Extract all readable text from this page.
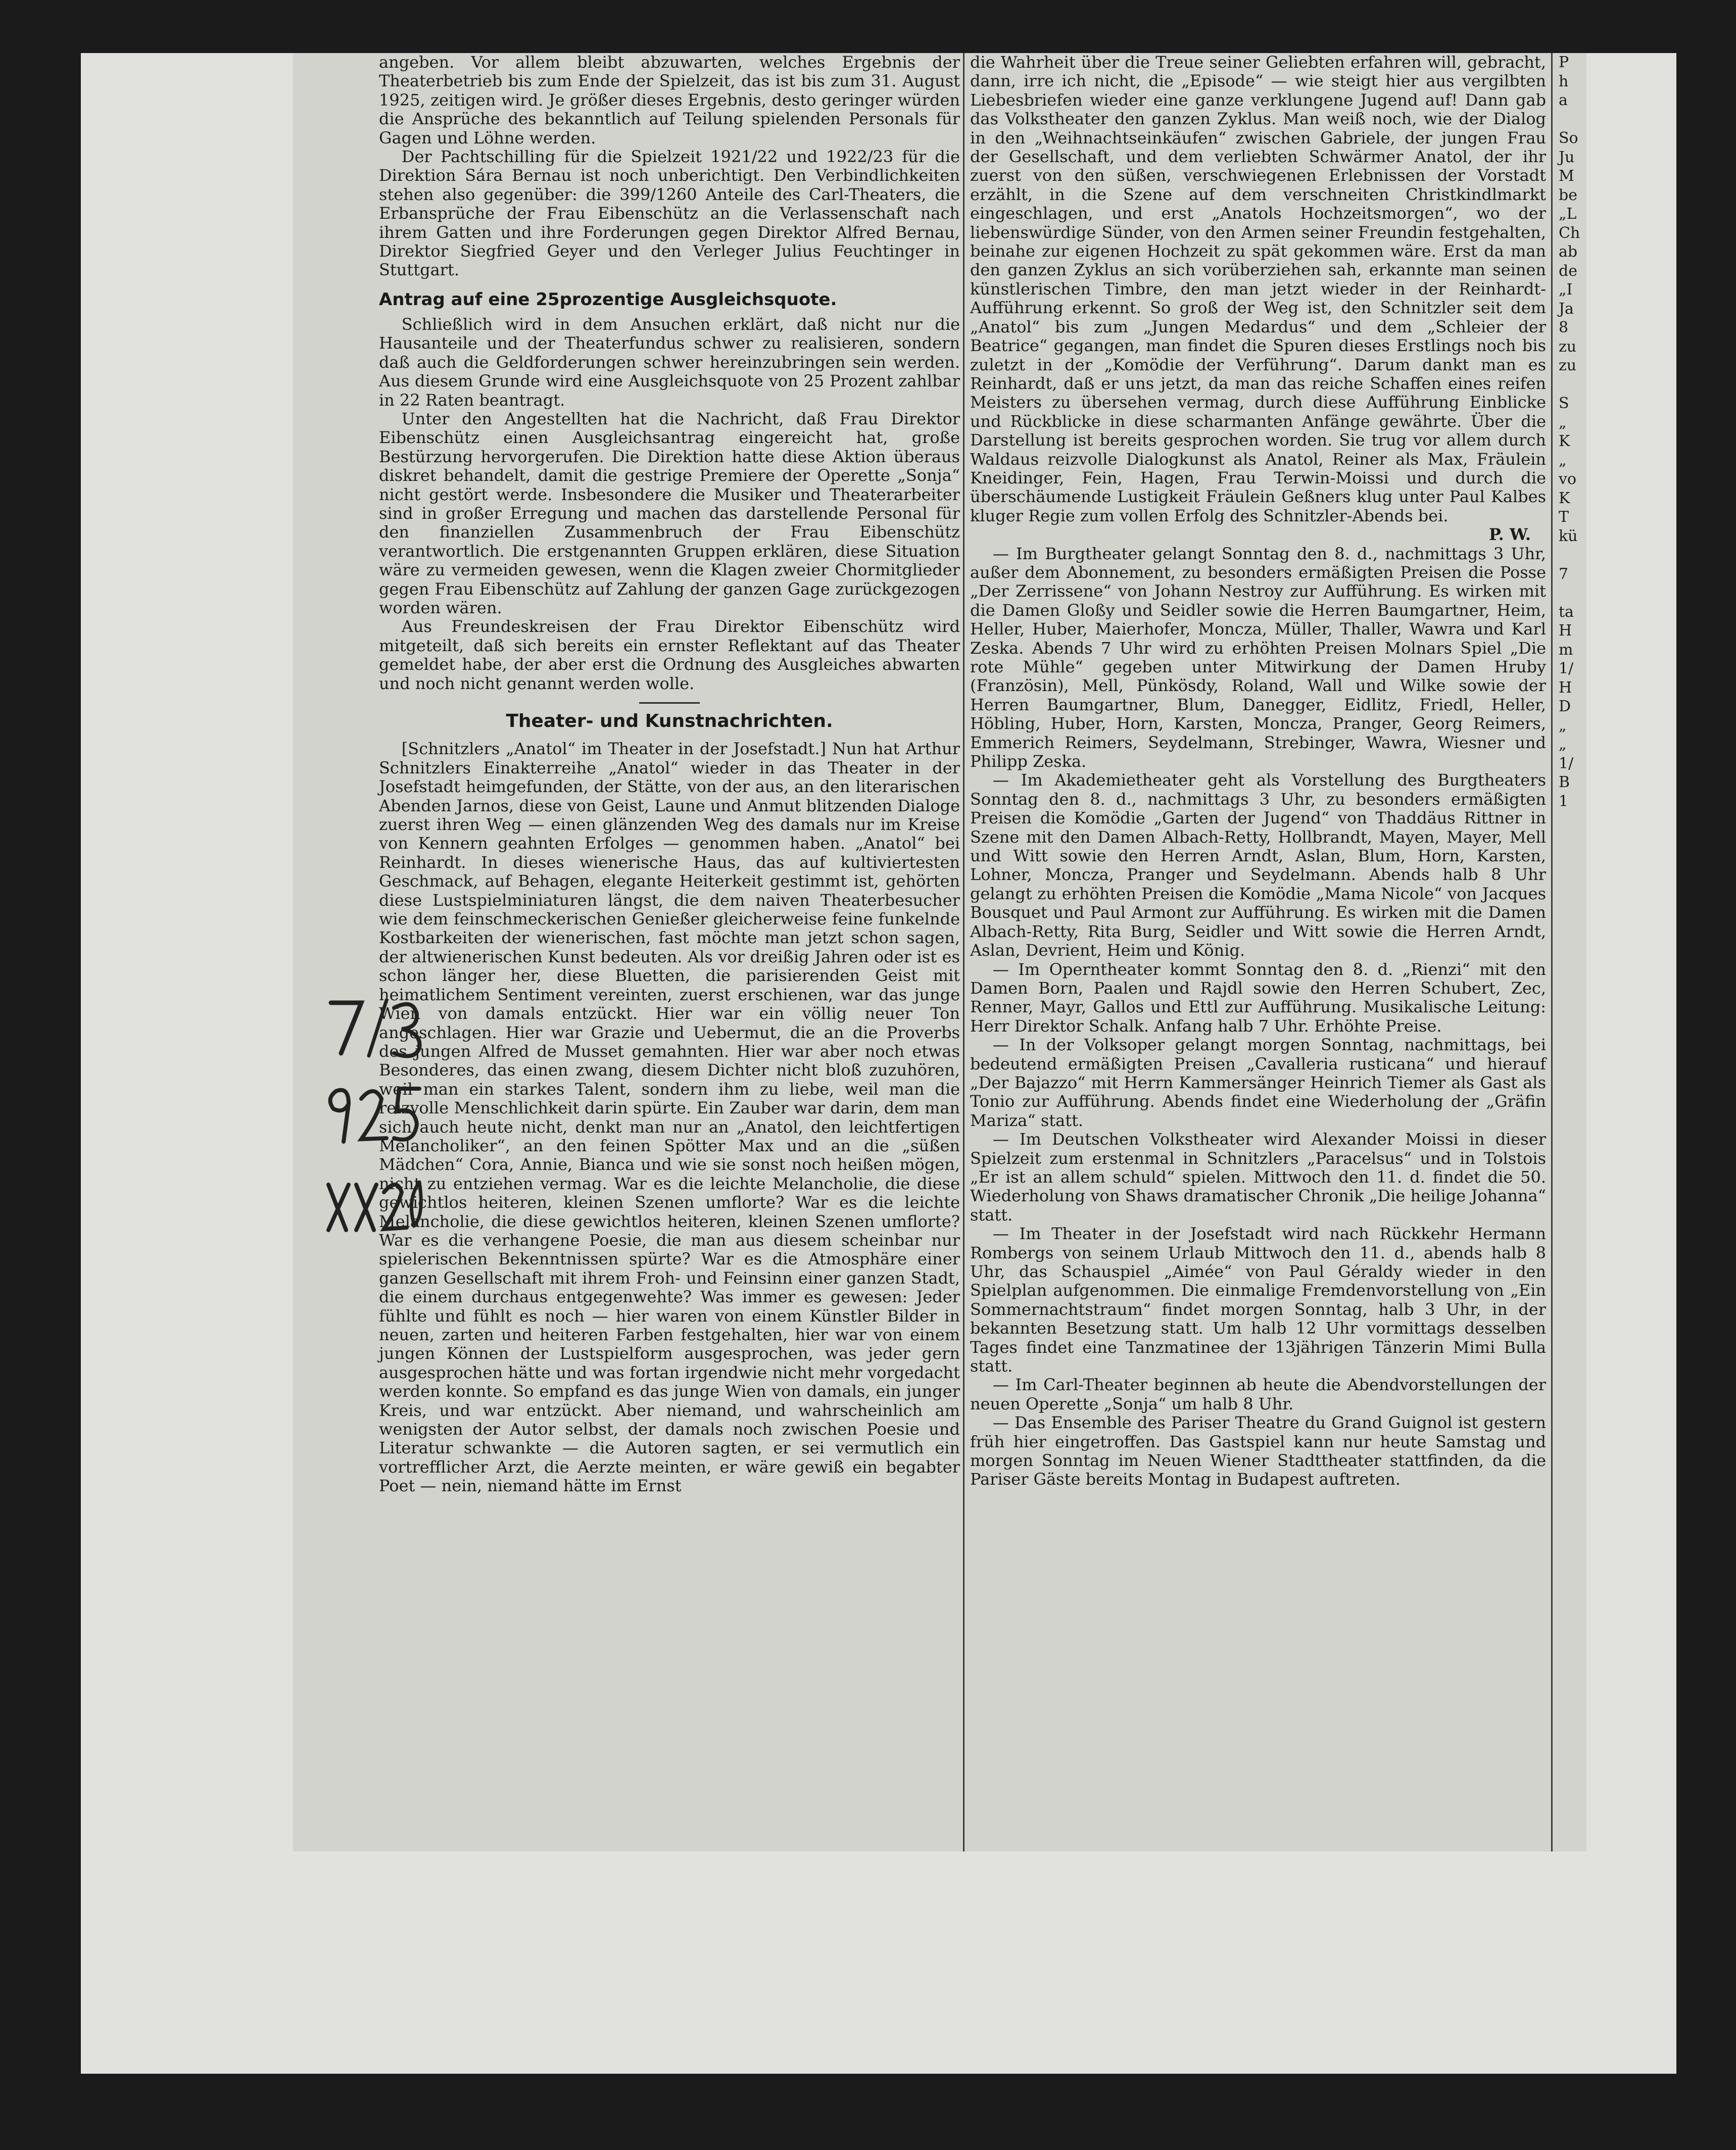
angeben. Vor allem bleibt abzuwarten, welches Ergebnis der Theaterbetrieb bis zum Ende der Spielzeit, das ist bis zum 31. August 1925, zeitigen wird. Je größer dieses Ergebnis, desto geringer würden die Ansprüche des bekanntlich auf Teilung spielenden Personals für Gagen und Löhne werden.

Der Pachtschilling für die Spielzeit 1921/22 und 1922/23 für die Direktion Sára Bernau ist noch unberichtigt. Den Verbindlichkeiten stehen also gegenüber: die 399/1260 Anteile des Carl-Theaters, die Erbansprüche der Frau Eibenschütz an die Verlassenschaft nach ihrem Gatten und ihre Forderungen gegen Direktor Alfred Bernau, Direktor Siegfried Geyer und den Verleger Julius Feuchtinger in Stuttgart.

Antrag auf eine 25prozentige Ausgleichsquote.

Schließlich wird in dem Ansuchen erklärt, daß nicht nur die Hausanteile und der Theaterfundus schwer zu realisieren, sondern daß auch die Geldforderungen schwer hereinzubringen sein werden. Aus diesem Grunde wird eine Ausgleichsquote von 25 Prozent zahlbar in 22 Raten beantragt.

Unter den Angestellten hat die Nachricht, daß Frau Direktor Eibenschütz einen Ausgleichsantrag eingereicht hat, große Bestürzung hervorgerufen. Die Direktion hatte diese Aktion überaus diskret behandelt, damit die gestrige Premiere der Operette „Sonja“ nicht gestört werde. Insbesondere die Musiker und Theaterarbeiter sind in großer Erregung und machen das darstellende Personal für den finanziellen Zusammenbruch der Frau Eibenschütz verantwortlich. Die erstgenannten Gruppen erklären, diese Situation wäre zu vermeiden gewesen, wenn die Klagen zweier Chormitglieder gegen Frau Eibenschütz auf Zahlung der ganzen Gage zurückgezogen worden wären.

Aus Freundeskreisen der Frau Direktor Eibenschütz wird mitgeteilt, daß sich bereits ein ernster Reflektant auf das Theater gemeldet habe, der aber erst die Ordnung des Ausgleiches abwarten und noch nicht genannt werden wolle.

Theater- und Kunstnachrichten.

[Schnitzlers „Anatol“ im Theater in der Josefstadt.] Nun hat Arthur Schnitzlers Einakterreihe „Anatol“ wieder in das Theater in der Josefstadt heimgefunden, der Stätte, von der aus, an den literarischen Abenden Jarnos, diese von Geist, Laune und Anmut blitzenden Dialoge zuerst ihren Weg — einen glänzenden Weg des damals nur im Kreise von Kennern geahnten Erfolges — genommen haben. „Anatol“ bei Reinhardt. In dieses wienerische Haus, das auf kultiviertesten Geschmack, auf Behagen, elegante Heiterkeit gestimmt ist, gehörten diese Lustspielminiaturen längst, die dem naiven Theaterbesucher wie dem feinschmeckerischen Genießer gleicherweise feine funkelnde Kostbarkeiten der wienerischen, fast möchte man jetzt schon sagen, der altwienerischen Kunst bedeuten. Als vor dreißig Jahren oder ist es schon länger her, diese Bluetten, die parisierenden Geist mit heimatlichem Sentiment vereinten, zuerst erschienen, war das junge Wien von damals entzückt. Hier war ein völlig neuer Ton angeschlagen. Hier war Grazie und Uebermut, die an die Proverbs des jungen Alfred de Musset gemahnten. Hier war aber noch etwas Besonderes, das einen zwang, diesem Dichter nicht bloß zuzuhören, weil man ein starkes Talent, sondern ihm zu liebe, weil man die reizvolle Menschlichkeit darin spürte. Ein Zauber war darin, dem man sich auch heute nicht, denkt man nur an „Anatol, den leichtfertigen Melancholiker“, an den feinen Spötter Max und an die „süßen Mädchen“ Cora, Annie, Bianca und wie sie sonst noch heißen mögen, nicht zu entziehen vermag. War es die leichte Melancholie, die diese gewichtlos heiteren, kleinen Szenen umflorte? War es die leichte Melancholie, die diese gewichtlos heiteren, kleinen Szenen umflorte? War es die verhangene Poesie, die man aus diesem scheinbar nur spielerischen Bekenntnissen spürte? War es die Atmosphäre einer ganzen Gesellschaft mit ihrem Froh- und Feinsinn einer ganzen Stadt, die einem durchaus entgegenwehte? Was immer es gewesen: Jeder fühlte und fühlt es noch — hier waren von einem Künstler Bilder in neuen, zarten und heiteren Farben festgehalten, hier war von einem jungen Können der Lustspielform ausgesprochen, was jeder gern ausgesprochen hätte und was fortan irgendwie nicht mehr vorgedacht werden konnte. So empfand es das junge Wien von damals, ein junger Kreis, und war entzückt. Aber niemand, und wahrscheinlich am wenigsten der Autor selbst, der damals noch zwischen Poesie und Literatur schwankte — die Autoren sagten, er sei vermutlich ein vortrefflicher Arzt, die Aerzte meinten, er wäre gewiß ein begabter Poet — nein, niemand hätte im Ernst

die Wahrheit über die Treue seiner Geliebten erfahren will, gebracht, dann, irre ich nicht, die „Episode“ — wie steigt hier aus vergilbten Liebesbriefen wieder eine ganze verklungene Jugend auf! Dann gab das Volkstheater den ganzen Zyklus. Man weiß noch, wie der Dialog in den „Weihnachtseinkäufen“ zwischen Gabriele, der jungen Frau der Gesellschaft, und dem verliebten Schwärmer Anatol, der ihr zuerst von den süßen, verschwiegenen Erlebnissen der Vorstadt erzählt, in die Szene auf dem verschneiten Christkindlmarkt eingeschlagen, und erst „Anatols Hochzeitsmorgen“, wo der liebenswürdige Sünder, von den Armen seiner Freundin festgehalten, beinahe zur eigenen Hochzeit zu spät gekommen wäre. Erst da man den ganzen Zyklus an sich vorüberziehen sah, erkannte man seinen künstlerischen Timbre, den man jetzt wieder in der Reinhardt-Aufführung erkennt. So groß der Weg ist, den Schnitzler seit dem „Anatol“ bis zum „Jungen Medardus“ und dem „Schleier der Beatrice“ gegangen, man findet die Spuren dieses Erstlings noch bis zuletzt in der „Komödie der Verführung“. Darum dankt man es Reinhardt, daß er uns jetzt, da man das reiche Schaffen eines reifen Meisters zu übersehen vermag, durch diese Aufführung Einblicke und Rückblicke in diese scharmanten Anfänge gewährte. Über die Darstellung ist bereits gesprochen worden. Sie trug vor allem durch Waldaus reizvolle Dialogkunst als Anatol, Reiner als Max, Fräulein Kneidinger, Fein, Hagen, Frau Terwin-Moissi und durch die überschäumende Lustigkeit Fräulein Geßners klug unter Paul Kalbes kluger Regie zum vollen Erfolg des Schnitzler-Abends bei.

P. W.

— Im Burgtheater gelangt Sonntag den 8. d., nachmittags 3 Uhr, außer dem Abonnement, zu besonders ermäßigten Preisen die Posse „Der Zerrissene“ von Johann Nestroy zur Aufführung. Es wirken mit die Damen Gloßy und Seidler sowie die Herren Baumgartner, Heim, Heller, Huber, Maierhofer, Moncza, Müller, Thaller, Wawra und Karl Zeska. Abends 7 Uhr wird zu erhöhten Preisen Molnars Spiel „Die rote Mühle“ gegeben unter Mitwirkung der Damen Hruby (Französin), Mell, Pünkösdy, Roland, Wall und Wilke sowie der Herren Baumgartner, Blum, Danegger, Eidlitz, Friedl, Heller, Höbling, Huber, Horn, Karsten, Moncza, Pranger, Georg Reimers, Emmerich Reimers, Seydelmann, Strebinger, Wawra, Wiesner und Philipp Zeska.

— Im Akademietheater geht als Vorstellung des Burgtheaters Sonntag den 8. d., nachmittags 3 Uhr, zu besonders ermäßigten Preisen die Komödie „Garten der Jugend“ von Thaddäus Rittner in Szene mit den Damen Albach-Retty, Hollbrandt, Mayen, Mayer, Mell und Witt sowie den Herren Arndt, Aslan, Blum, Horn, Karsten, Lohner, Moncza, Pranger und Seydelmann. Abends halb 8 Uhr gelangt zu erhöhten Preisen die Komödie „Mama Nicole“ von Jacques Bousquet und Paul Armont zur Aufführung. Es wirken mit die Damen Albach-Retty, Rita Burg, Seidler und Witt sowie die Herren Arndt, Aslan, Devrient, Heim und König.

— Im Operntheater kommt Sonntag den 8. d. „Rienzi“ mit den Damen Born, Paalen und Rajdl sowie den Herren Schubert, Zec, Renner, Mayr, Gallos und Ettl zur Aufführung. Musikalische Leitung: Herr Direktor Schalk. Anfang halb 7 Uhr. Erhöhte Preise.

— In der Volksoper gelangt morgen Sonntag, nachmittags, bei bedeutend ermäßigten Preisen „Cavalleria rusticana“ und hierauf „Der Bajazzo“ mit Herrn Kammersänger Heinrich Tiemer als Gast als Tonio zur Aufführung. Abends findet eine Wiederholung der „Gräfin Mariza“ statt.

— Im Deutschen Volkstheater wird Alexander Moissi in dieser Spielzeit zum erstenmal in Schnitzlers „Paracelsus“ und in Tolstois „Er ist an allem schuld“ spielen. Mittwoch den 11. d. findet die 50. Wiederholung von Shaws dramatischer Chronik „Die heilige Johanna“ statt.

— Im Theater in der Josefstadt wird nach Rückkehr Hermann Rombergs von seinem Urlaub Mittwoch den 11. d., abends halb 8 Uhr, das Schauspiel „Aimée“ von Paul Géraldy wieder in den Spielplan aufgenommen. Die einmalige Fremdenvorstellung von „Ein Sommernachtstraum“ findet morgen Sonntag, halb 3 Uhr, in der bekannten Besetzung statt. Um halb 12 Uhr vormittags desselben Tages findet eine Tanzmatinee der 13jährigen Tänzerin Mimi Bulla statt.

— Im Carl-Theater beginnen ab heute die Abendvorstellungen der neuen Operette „Sonja“ um halb 8 Uhr.

— Das Ensemble des Pariser Theatre du Grand Guignol ist gestern früh hier eingetroffen. Das Gastspiel kann nur heute Samstag und morgen Sonntag im Neuen Wiener Stadttheater stattfinden, da die Pariser Gäste bereits Montag in Budapest auftreten.

P
h
a

So
Ju
M
be
„L
Ch
ab
de
„I
Ja
8
zu
zu

S
„
K
„
vo
K
T
kü

7

ta
H
m
1/
H
D
„
„
1/
B
1
